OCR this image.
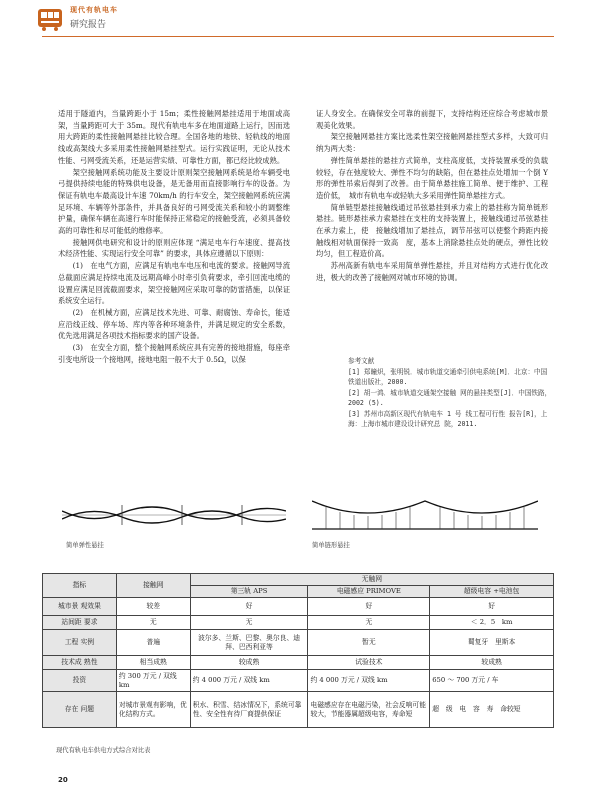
现代有轨电车
研究报告

适用于隧道内，当量跨距小于 15m；柔性接触网悬挂适用于地面或高架，当量跨距可大于 35m。现代有轨电车多在地面道路上运行，因而选用大跨距的柔性接触网悬挂比较合理。全国各地的地铁、轻轨线的地面线或高架线大多采用柔性接触网悬挂型式。运行实践证明，无论从技术性能、弓网受流关系，还是运营实绩、可靠性方面，都已经比较成熟。

架空接触网系统功能及主要设计原则架空接触网系统是给车辆受电弓提供持续电能的特殊供电设备，是无备用而直接影响行车的设备。为保证有轨电车最高设计车速 70km/h 的行车安全，架空接触网系统应满足环境、车辆等外部条件，并具备良好的弓网受流关系和较小的调整维护量，确保车辆在高速行车时能保持正常稳定的接触受流，必须具备较高的可靠性和尽可能低的维修率。

接触网供电研究和设计的原则应体现 “满足电车行车速度、提高技术经济性能、实现运行安全可靠” 的要求，具体应遵循以下原则：

(1)　在电气方面，应满足有轨电车电压和电流的要求。接触网导流总截面应满足持续电流及远期高峰小时牵引负荷要求，牵引回流电缆的设置应满足回流截面要求，架空接触网应采取可靠的防雷措施，以保证系统安全运行。

(2)　在机械方面，应满足技术先进、可靠、耐腐蚀、寿命长，能适应沿线正线、停车场、库内等各种环境条件，并满足规定的安全系数，优先选用满足各项技术指标要求的国产设备。

(3)　在安全方面，整个接触网系统应具有完善的接地措施，每座牵引变电所设一个接地网，接地电阻一般不大于 0.5Ω，以保

证人身安全。在确保安全可靠的前提下，支持结构还应综合考虑城市景观美化效果。

架空接触网悬挂方案比选柔性架空接触网悬挂型式多样，大致可归纳为两大类：

弹性简单悬挂的悬挂方式简单，支柱高度低，支持装置承受的负载较轻，存在弛度较大、弹性不均匀的缺陷，但在悬挂点处增加一个倒 Y 形的弹性吊索后得到了改善。由于简单悬挂施工简单、便于维护、工程造价低，　城市有轨电车或轻轨大多采用弹性简单悬挂方式。

简单链型悬挂接触线通过吊弦悬挂到承力索上的悬挂称为简单链形悬挂。链形悬挂承力索悬挂在支柱的支持装置上，接触线通过吊弦悬挂在承力索上，使　接触线增加了悬挂点，调节吊弦可以使整个跨距内接触线相对轨面保持一致高　度，基本上消除悬挂点处的硬点，弹性比较均匀，但工程造价高。

苏州高新有轨电车采用简单弹性悬挂，并且对结构方式进行优化改进，极大的改善了接触网对城市环境的协调。

参考文献
[1] 郑瞳炽，张明锐．城市轨道交通牵引供电系统[M]．北京：中国 铁道出版社，2000.
[2] 胡一鸿．城市轨道交通架空接触 网的悬挂类型[J]．中国铁路，2002 (5).
[3] 苏州市高新区现代有轨电车 1 号 线工程可行性 报告[R]，上海：上海市城市建设设计研究总 院，2011.
简单弹性悬挂	简单链形悬挂
指标	接触网	无触网		
		第三轨 APS	电磁感应 PRIMOVE	超级电容 +电池包
城市景 观效果	较差	好	好	好
站间距 要求	无	无	无	＜ 2．5　km
工程 实例	普遍	波尔多、兰斯、巴黎、奥尔良、迪拜、巴西利亚等	暂无	蜀复牙　里斯本
技术成 熟性	相当成熟	较成熟	试验技术	较成熟
投资	约 300 万元 / 双线 km	约 4 000 万元 / 双线 km	约 4 000 万元 / 双线 km	650 ～ 700 万元 / 车
存在 问题	对城市景观有影响，优化结构方式。	积水、积雪、结冰情况下，系统可靠性、安全性有待厂商提供保证	电磁感应存在电磁污染，社会反响可能较大，节能器属超级电容，寿命短	超　级　电　容　寿　命较短
现代有轨电车供电方式综合对比表
20
